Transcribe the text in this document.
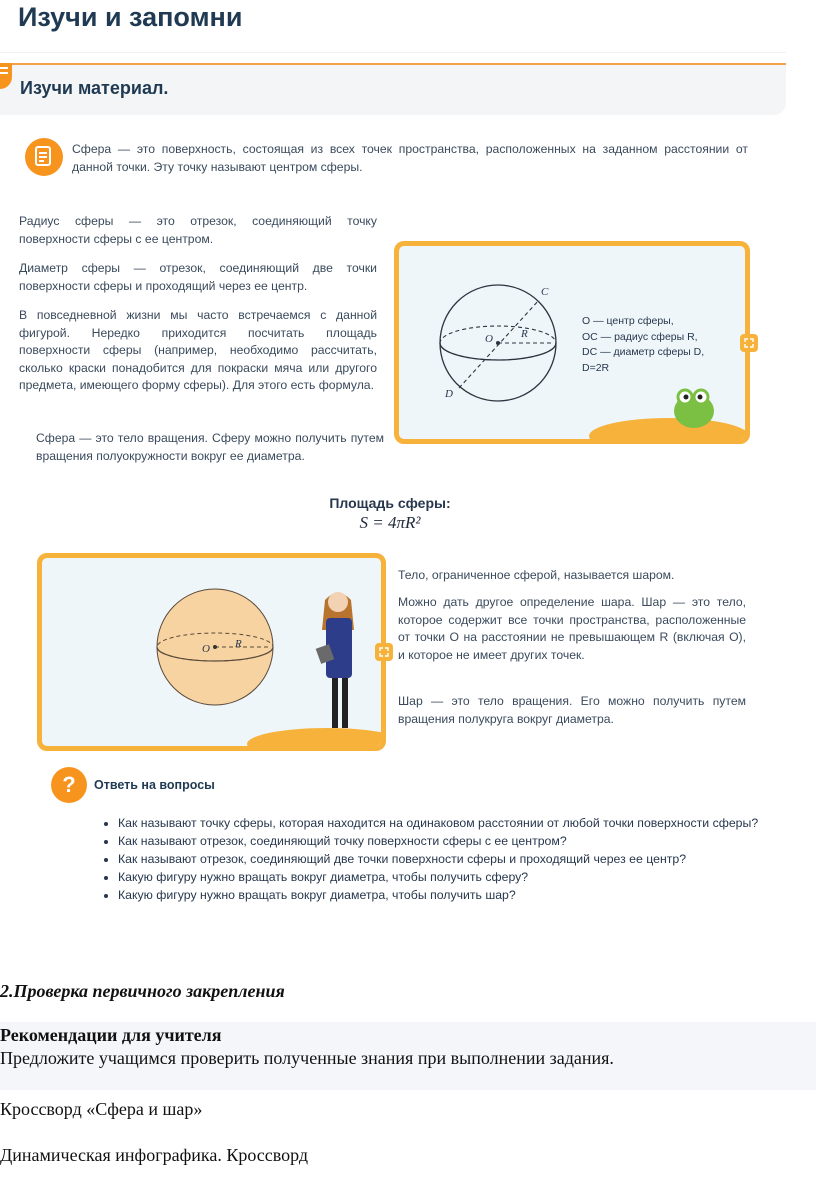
Изучи и запомни
Изучи материал.
Сфера — это поверхность, состоящая из всех точек пространства, расположенных на заданном расстоянии от данной точки. Эту точку называют центром сферы.
Радиус сферы — это отрезок, соединяющий точку поверхности сферы с ее центром.
Диаметр сферы — отрезок, соединяющий две точки поверхности сферы и проходящий через ее центр.
В повседневной жизни мы часто встречаемся с данной фигурой. Нередко приходится посчитать площадь поверхности сферы (например, необходимо рассчитать, сколько краски понадобится для покраски мяча или другого предмета, имеющего форму сферы). Для этого есть формула.
Сфера — это тело вращения. Сферу можно получить путем вращения полуокружности вокруг ее диаметра.
C
O	R
D
O — центр сферы,
OC — радиус сферы R,
DC — диаметр сферы D,
D=2R
Площадь сферы:
S = 4πR²
O R
Тело, ограниченное сферой, называется шаром.
Можно дать другое определение шара. Шар — это тело, которое содержит все точки пространства, расположенные от точки O на расстоянии не превышающем R (включая O), и которое не имеет других точек.
Шар — это тело вращения. Его можно получить путем вращения полукруга вокруг диаметра.
? Ответь на вопросы
• Как называют точку сферы, которая находится на одинаковом расстоянии от любой точки поверхности сферы?
• Как называют отрезок, соединяющий точку поверхности сферы с ее центром?
• Как называют отрезок, соединяющий две точки поверхности сферы и проходящий через ее центр?
• Какую фигуру нужно вращать вокруг диаметра, чтобы получить сферу?
• Какую фигуру нужно вращать вокруг диаметра, чтобы получить шар?
2.Проверка первичного закрепления
Рекомендации для учителя
Предложите учащимся проверить полученные знания при выполнении задания.
Кроссворд «Сфера и шар»
Динамическая инфографика. Кроссворд
